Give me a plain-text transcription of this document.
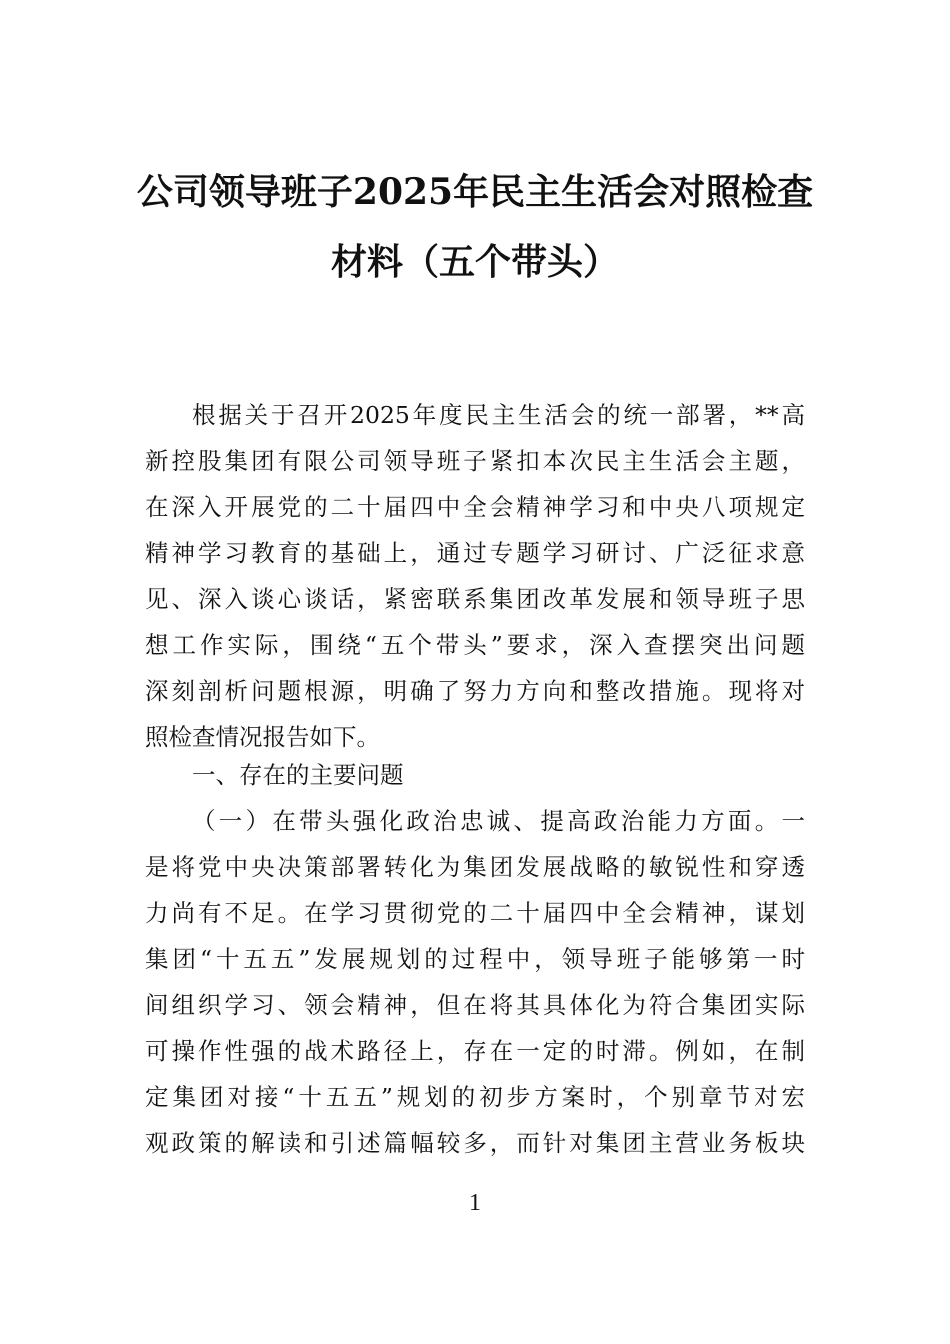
公司领导班子2025年民主生活会对照检查
材料（五个带头）
根据关于召开2025年度民主生活会的统一部署，**高
新控股集团有限公司领导班子紧扣本次民主生活会主题，
在深入开展党的二十届四中全会精神学习和中央八项规定
精神学习教育的基础上，通过专题学习研讨、广泛征求意
见、深入谈心谈话，紧密联系集团改革发展和领导班子思
想工作实际，围绕“五个带头”要求，深入查摆突出问题
深刻剖析问题根源，明确了努力方向和整改措施。现将对
照检查情况报告如下。
一、存在的主要问题
（一）在带头强化政治忠诚、提高政治能力方面。一
是将党中央决策部署转化为集团发展战略的敏锐性和穿透
力尚有不足。在学习贯彻党的二十届四中全会精神，谋划
集团“十五五”发展规划的过程中，领导班子能够第一时
间组织学习、领会精神，但在将其具体化为符合集团实际
可操作性强的战术路径上，存在一定的时滞。例如，在制
定集团对接“十五五”规划的初步方案时，个别章节对宏
观政策的解读和引述篇幅较多，而针对集团主营业务板块
1
